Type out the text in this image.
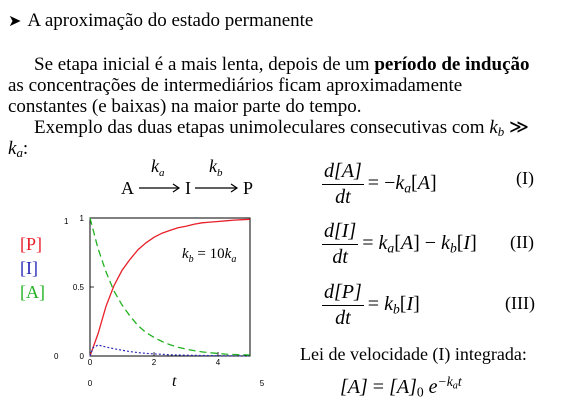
➤ A aproximação do estado permanente

Se etapa inicial é a mais lenta, depois de um período de indução

as concentrações de intermediários ficam aproximadamente

constantes (e baixas) na maior parte do tempo.

Exemplo das duas etapas unimoleculares consecutivas com $k_b$ ≫

$k_a$:

A	I	P
$k_a$ $k_b$
[P]
[I]
[A]
0	2	4
0	5
0
0.5
1
1
0
$k_b = 10k_a$
t
$\frac{d[A]}{dt} = -k_a[A]$	(I)
$\frac{d[I]}{dt} = k_a[A] - k_b[I]$ (II)
$\frac{d[P]}{dt} = k_b[I]$	(III)
Lei de velocidade (I) integrada:
$[A] = [A]_0$ $e^{-k_at}$
